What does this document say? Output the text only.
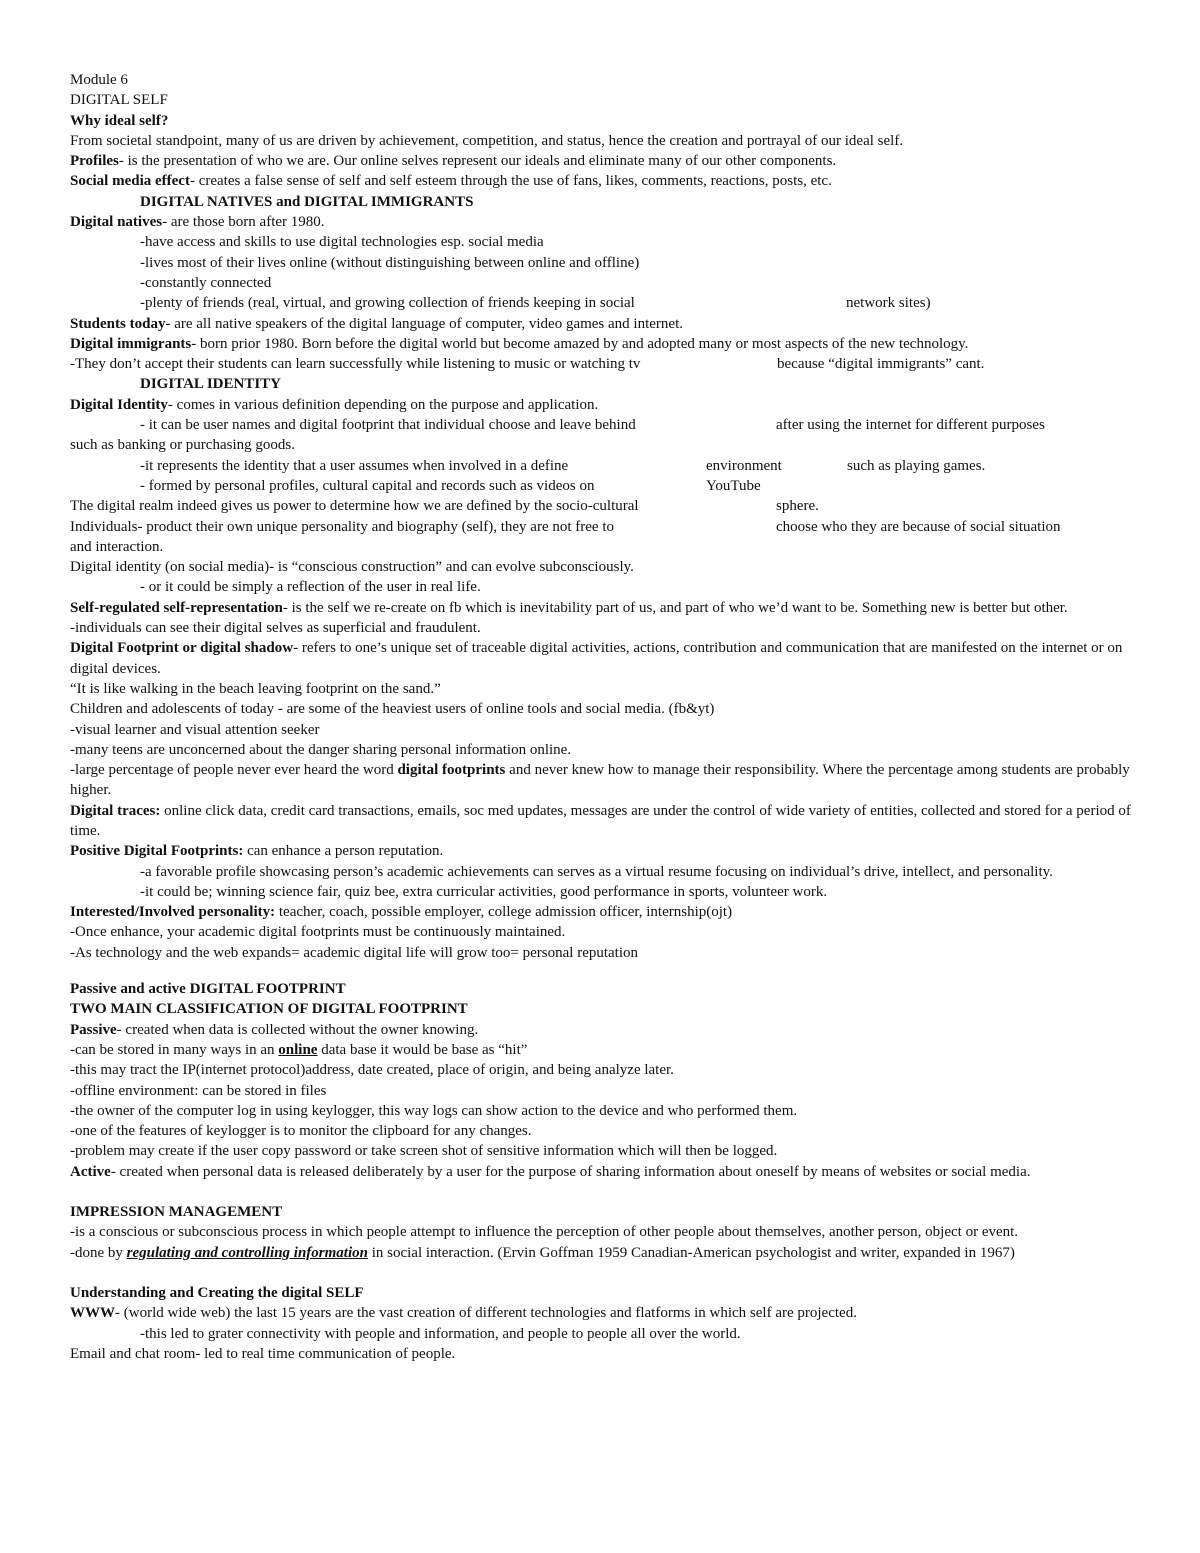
Module 6
DIGITAL SELF
Why ideal self?
From societal standpoint, many of us are driven by achievement, competition, and status, hence the creation and portrayal of our ideal self.
Profiles- is the presentation of who we are. Our online selves represent our ideals and eliminate many of our other components.
Social media effect- creates a false sense of self and self esteem through the use of fans, likes, comments, reactions, posts, etc.
DIGITAL NATIVES and DIGITAL IMMIGRANTS
Digital natives- are those born after 1980.
-have access and skills to use digital technologies esp. social media
-lives most of their lives online (without distinguishing between online and offline)
-constantly connected
-plenty of friends (real, virtual, and growing collection of friends keeping in social	network sites)
Students today- are all native speakers of the digital language of computer, video games and internet.
Digital immigrants- born prior 1980. Born before the digital world but become amazed by and adopted many or most aspects of the new technology.
-They don’t accept their students can learn successfully while listening to music or watching tv	because “digital immigrants” cant.
DIGITAL IDENTITY
Digital Identity- comes in various definition depending on the purpose and application.
- it can be user names and digital footprint that individual choose and leave behind	after using the internet for different purposes
such as banking or purchasing goods.
-it represents the identity that a user assumes when involved in a define	environment	such as playing games.
- formed by personal profiles, cultural capital and records such as videos on	YouTube
The digital realm indeed gives us power to determine how we are defined by the socio-cultural	sphere.
Individuals- product their own unique personality and biography (self), they are not free to	choose who they are because of social situation
and interaction.
Digital identity (on social media)- is “conscious construction” and can evolve subconsciously.
- or it could be simply a reflection of the user in real life.
Self-regulated self-representation- is the self we re-create on fb which is inevitability part of us, and part of who we’d want to be. Something new is better but other.
-individuals can see their digital selves as superficial and fraudulent.
Digital Footprint or digital shadow- refers to one’s unique set of traceable digital activities, actions, contribution and communication that are manifested on the internet or on digital devices.
“It is like walking in the beach leaving footprint on the sand.”
Children and adolescents of today - are some of the heaviest users of online tools and social media. (fb&yt)
-visual learner and visual attention seeker
-many teens are unconcerned about the danger sharing personal information online.
-large percentage of people never ever heard the word digital footprints and never knew how to manage their responsibility. Where the percentage among students are probably higher.
Digital traces: online click data, credit card transactions, emails, soc med updates, messages are under the control of wide variety of entities, collected and stored for a period of time.
Positive Digital Footprints: can enhance a person reputation.
-a favorable profile showcasing person’s academic achievements can serves as a virtual resume focusing on individual’s drive, intellect, and personality.
-it could be; winning science fair, quiz bee, extra curricular activities, good performance in sports, volunteer work.
Interested/Involved personality: teacher, coach, possible employer, college admission officer, internship(ojt)
-Once enhance, your academic digital footprints must be continuously maintained.
-As technology and the web expands= academic digital life will grow too= personal reputation
Passive and active DIGITAL FOOTPRINT
TWO MAIN CLASSIFICATION OF DIGITAL FOOTPRINT
Passive- created when data is collected without the owner knowing.
-can be stored in many ways in an online data base it would be base as “hit”
-this may tract the IP(internet protocol)address, date created, place of origin, and being analyze later.
-offline environment: can be stored in files
-the owner of the computer log in using keylogger, this way logs can show action to the device and who performed them.
-one of the features of keylogger is to monitor the clipboard for any changes.
-problem may create if the user copy password or take screen shot of sensitive information which will then be logged.
Active- created when personal data is released deliberately by a user for the purpose of sharing information about oneself by means of websites or social media.
IMPRESSION MANAGEMENT
-is a conscious or subconscious process in which people attempt to influence the perception of other people about themselves, another person, object or event.
-done by regulating and controlling information in social interaction. (Ervin Goffman 1959 Canadian-American psychologist and writer, expanded in 1967)
Understanding and Creating the digital SELF
WWW- (world wide web) the last 15 years are the vast creation of different technologies and flatforms in which self are projected.
-this led to grater connectivity with people and information, and people to people all over the world.
Email and chat room- led to real time communication of people.
